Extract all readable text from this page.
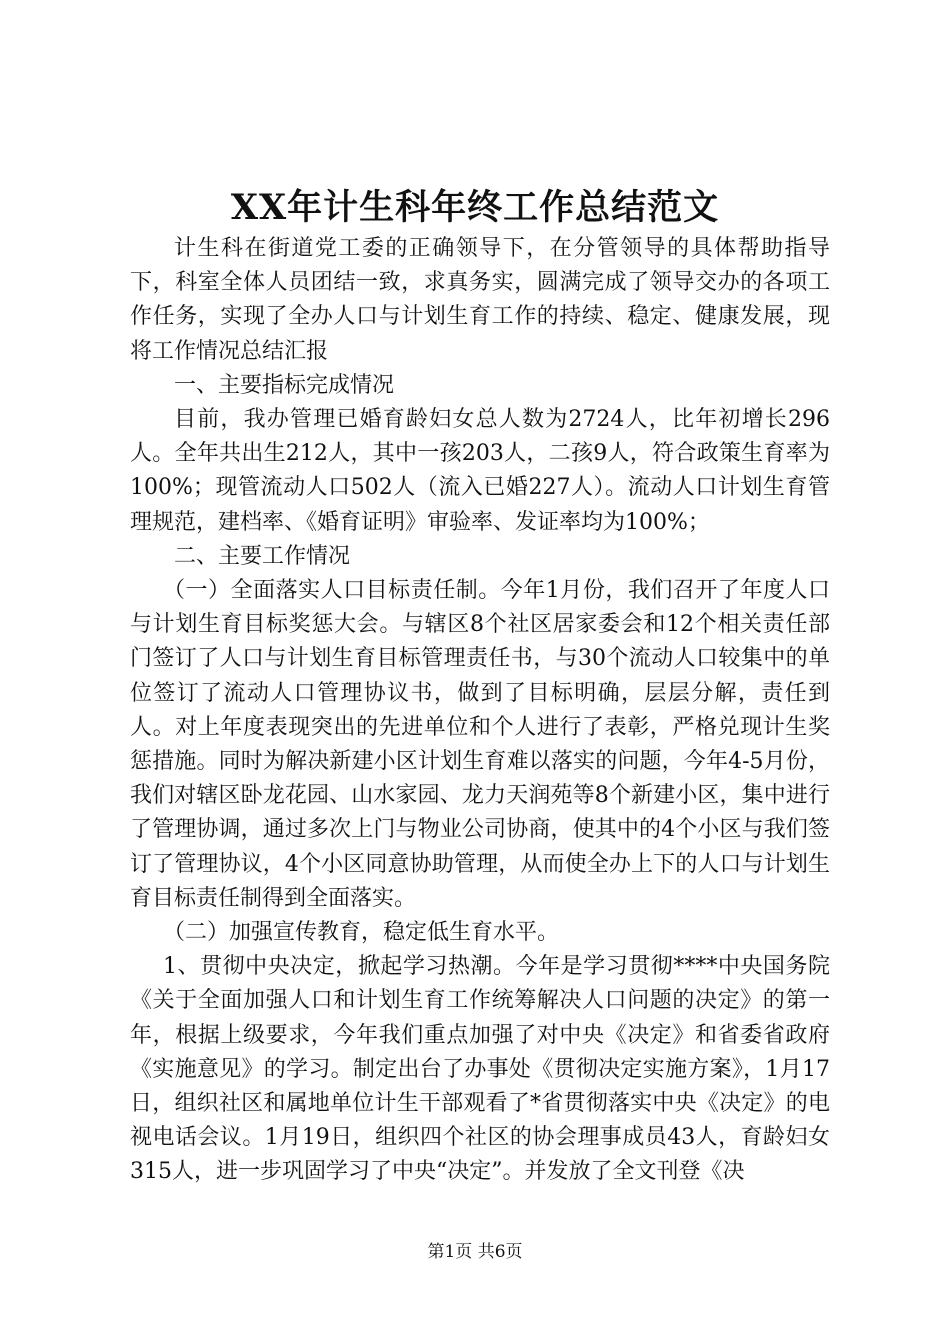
XX年计生科年终工作总结范文

计生科在街道党工委的正确领导下，在分管领导的具体帮助指导下，科室全体人员团结一致，求真务实，圆满完成了领导交办的各项工作任务，实现了全办人口与计划生育工作的持续、稳定、健康发展，现将工作情况总结汇报

一、主要指标完成情况

目前，我办管理已婚育龄妇女总人数为2724人，比年初增长296人。全年共出生212人，其中一孩203人，二孩9人，符合政策生育率为100%；现管流动人口502人（流入已婚227人）。流动人口计划生育管理规范，建档率、《婚育证明》审验率、发证率均为100%；

二、主要工作情况

（一）全面落实人口目标责任制。今年1月份，我们召开了年度人口与计划生育目标奖惩大会。与辖区8个社区居家委会和12个相关责任部门签订了人口与计划生育目标管理责任书，与30个流动人口较集中的单位签订了流动人口管理协议书，做到了目标明确，层层分解，责任到人。对上年度表现突出的先进单位和个人进行了表彰，严格兑现计生奖惩措施。同时为解决新建小区计划生育难以落实的问题，今年4-5月份，我们对辖区卧龙花园、山水家园、龙力天润苑等8个新建小区，集中进行了管理协调，通过多次上门与物业公司协商，使其中的4个小区与我们签订了管理协议，4个小区同意协助管理，从而使全办上下的人口与计划生育目标责任制得到全面落实。

（二）加强宣传教育，稳定低生育水平。

1、贯彻中央决定，掀起学习热潮。今年是学习贯彻****中央国务院《关于全面加强人口和计划生育工作统筹解决人口问题的决定》的第一年，根据上级要求，今年我们重点加强了对中央《决定》和省委省政府《实施意见》的学习。制定出台了办事处《贯彻决定实施方案》，1月17日，组织社区和属地单位计生干部观看了*省贯彻落实中央《决定》的电视电话会议。1月19日，组织四个社区的协会理事成员43人，育龄妇女315人，进一步巩固学习了中央“决定”。并发放了全文刊登《决

第1页 共6页
